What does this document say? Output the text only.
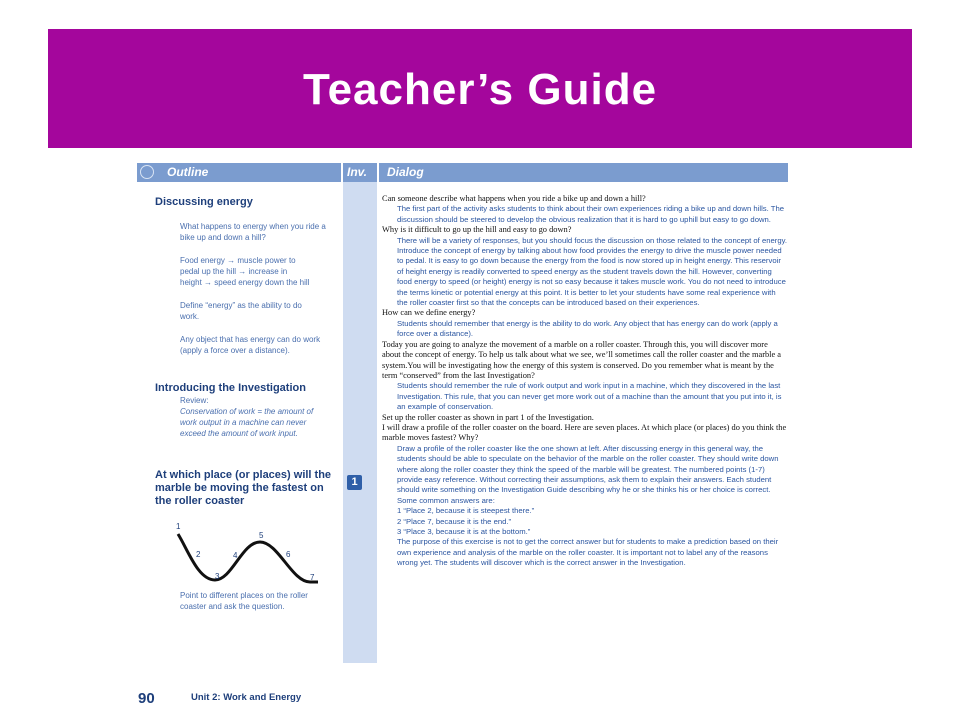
Teacher’s Guide
Outline	Inv. Dialog
1

Discussing energy

What happens to energy when you ride a bike up and down a hill?

Food energy → muscle power to pedal up the hill → increase in height → speed energy down the hill

Define “energy” as the ability to do work.

Any object that has energy can do work (apply a force over a distance).

Introducing the Investigation

Review:

Conservation of work = the amount of work output in a machine can never exceed the amount of work input.

At which place (or places) will the marble be moving the fastest on the roller coaster

1
2
3
4
5
6
7

Point to different places on the roller coaster and ask the question.

Can someone describe what happens when you ride a bike up and down a hill?

The first part of the activity asks students to think about their own experiences riding a bike up and down hills. The discussion should be steered to develop the obvious realization that it is hard to go uphill but easy to go down.

Why is it difficult to go up the hill and easy to go down?

There will be a variety of responses, but you should focus the discussion on those related to the concept of energy.

Introduce the concept of energy by talking about how food provides the energy to drive the muscle power needed to pedal. It is easy to go down because the energy from the food is now stored up in height energy. This reservoir of height energy is readily converted to speed energy as the student travels down the hill. However, converting food energy to speed (or height) energy is not so easy because it takes muscle work. You do not need to introduce the terms kinetic or potential energy at this point. It is better to let your students have some real experience with the roller coaster first so that the concepts can be introduced based on their experiences.

How can we define energy?

Students should remember that energy is the ability to do work. Any object that has energy can do work (apply a force over a distance).

Today you are going to analyze the movement of a marble on a roller coaster. Through this, you will discover more about the concept of energy. To help us talk about what we see, we’ll sometimes call the roller coaster and the marble a system.You will be investigating how the energy of this system is conserved. Do you remember what is meant by the term “conserved” from the last Investigation?

Students should remember the rule of work output and work input in a machine, which they discovered in the last Investigation. This rule, that you can never get more work out of a machine than the amount that you put into it, is an example of conservation.

Set up the roller coaster as shown in part 1 of the Investigation.

I will draw a profile of the roller coaster on the board. Here are seven places. At which place (or places) do you think the marble moves fastest? Why?

Draw a profile of the roller coaster like the one shown at left. After discussing energy in this general way, the students should be able to speculate on the behavior of the marble on the roller coaster. They should write down where along the roller coaster they think the speed of the marble will be greatest. The numbered points (1-7) provide easy reference. Without correcting their assumptions, ask them to explain their answers. Each student should write something on the Investigation Guide describing why he or she thinks his or her choice is correct. Some common answers are:

1 “Place 2, because it is steepest there.”

2 “Place 7, because it is the end.”

3 “Place 3, because it is at the bottom.”

The purpose of this exercise is not to get the correct answer but for students to make a prediction based on their own experience and analysis of the marble on the roller coaster. It is important not to label any of the reasons wrong yet. The students will discover which is the correct answer in the Investigation.

90	Unit 2: Work and Energy
